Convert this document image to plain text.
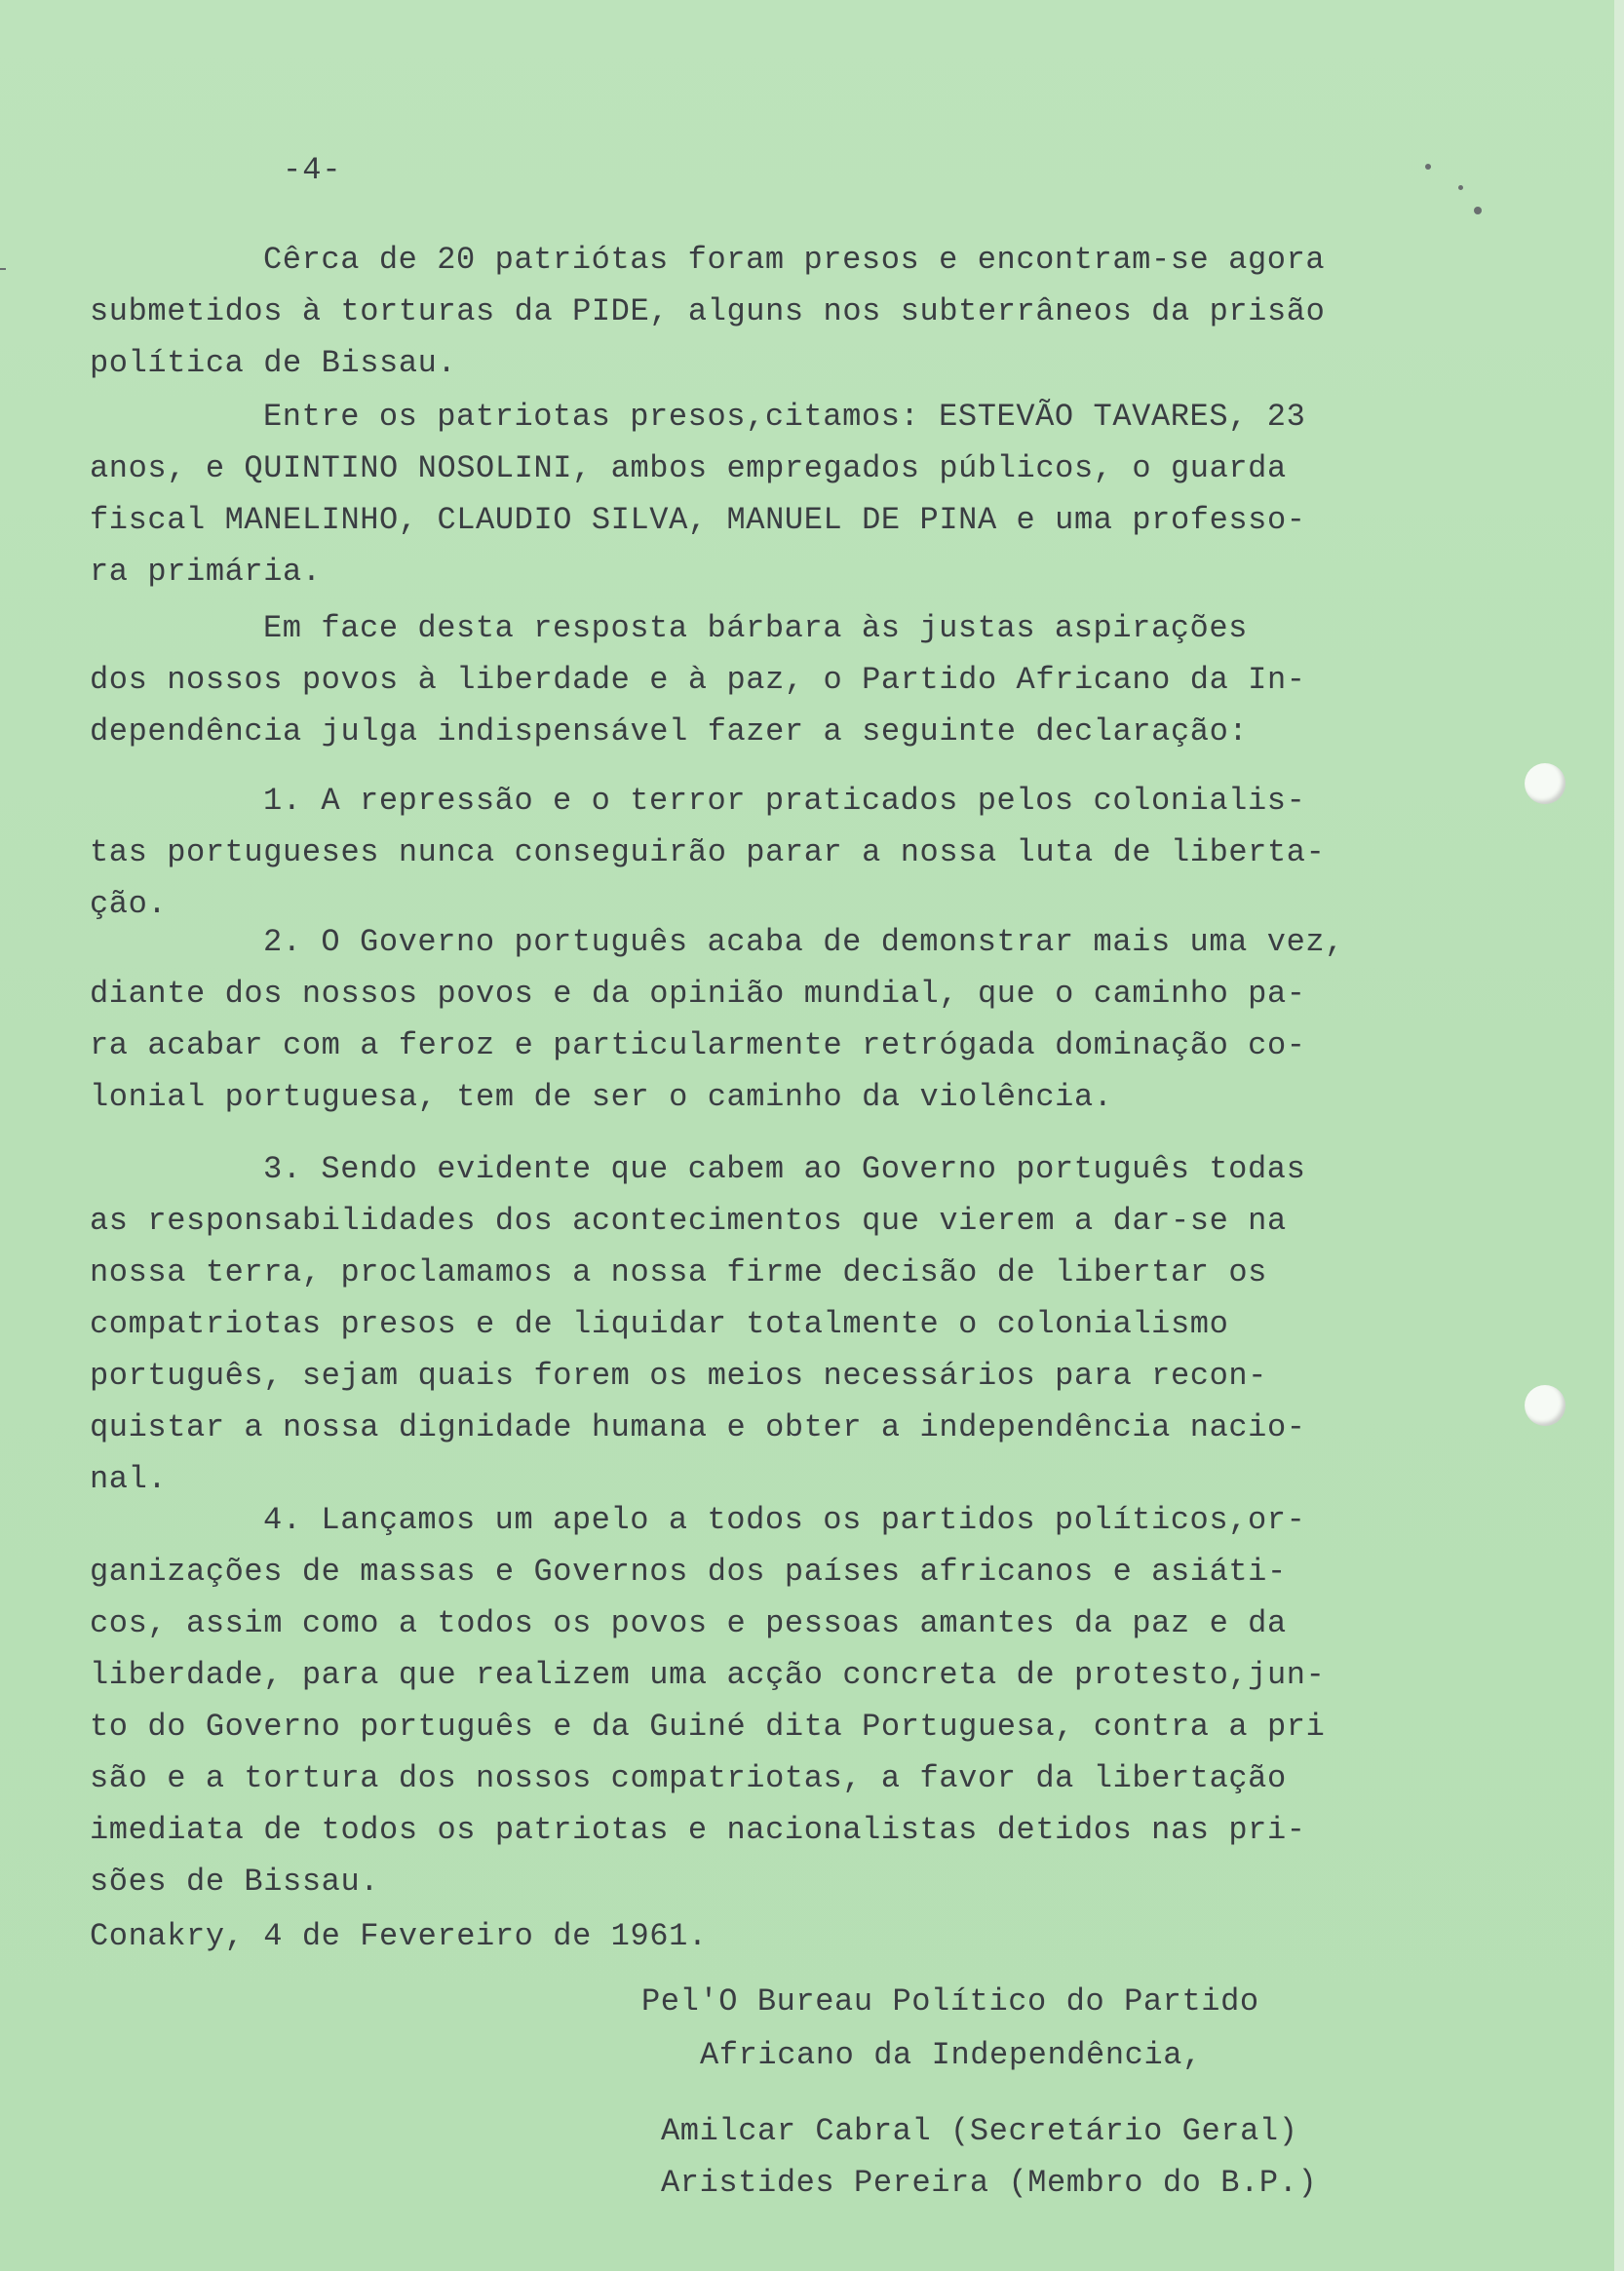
-4-
Cêrca de 20 patriótas foram presos e encontram-se agora
submetidos à torturas da PIDE, alguns nos subterrâneos da prisão
política de Bissau.
Entre os patriotas presos,citamos: ESTEVÃO TAVARES, 23
anos, e QUINTINO NOSOLINI, ambos empregados públicos, o guarda
fiscal MANELINHO, CLAUDIO SILVA, MANUEL DE PINA e uma professo-
ra primária.
Em face desta resposta bárbara às justas aspirações
dos nossos povos à liberdade e à paz, o Partido Africano da In-
dependência julga indispensável fazer a seguinte declaração:
1. A repressão e o terror praticados pelos colonialis-
tas portugueses nunca conseguirão parar a nossa luta de liberta-
ção.
2. O Governo português acaba de demonstrar mais uma vez,
diante dos nossos povos e da opinião mundial, que o caminho pa-
ra acabar com a feroz e particularmente retrógada dominação co-
lonial portuguesa, tem de ser o caminho da violência.
3. Sendo evidente que cabem ao Governo português todas
as responsabilidades dos acontecimentos que vierem a dar-se na
nossa terra, proclamamos a nossa firme decisão de libertar os
compatriotas presos e de liquidar totalmente o colonialismo
português, sejam quais forem os meios necessários para recon-
quistar a nossa dignidade humana e obter a independência nacio-
nal.
4. Lançamos um apelo a todos os partidos políticos,or-
ganizações de massas e Governos dos países africanos e asiáti-
cos, assim como a todos os povos e pessoas amantes da paz e da
liberdade, para que realizem uma acção concreta de protesto,jun-
to do Governo português e da Guiné dita Portuguesa, contra a pri
são e a tortura dos nossos compatriotas, a favor da libertação
imediata de todos os patriotas e nacionalistas detidos nas pri-
sões de Bissau.
Conakry, 4 de Fevereiro de 1961.
Pel'O Bureau Político do Partido
Africano da Independência,
Amilcar Cabral (Secretário Geral)
Aristides Pereira (Membro do B.P.)
